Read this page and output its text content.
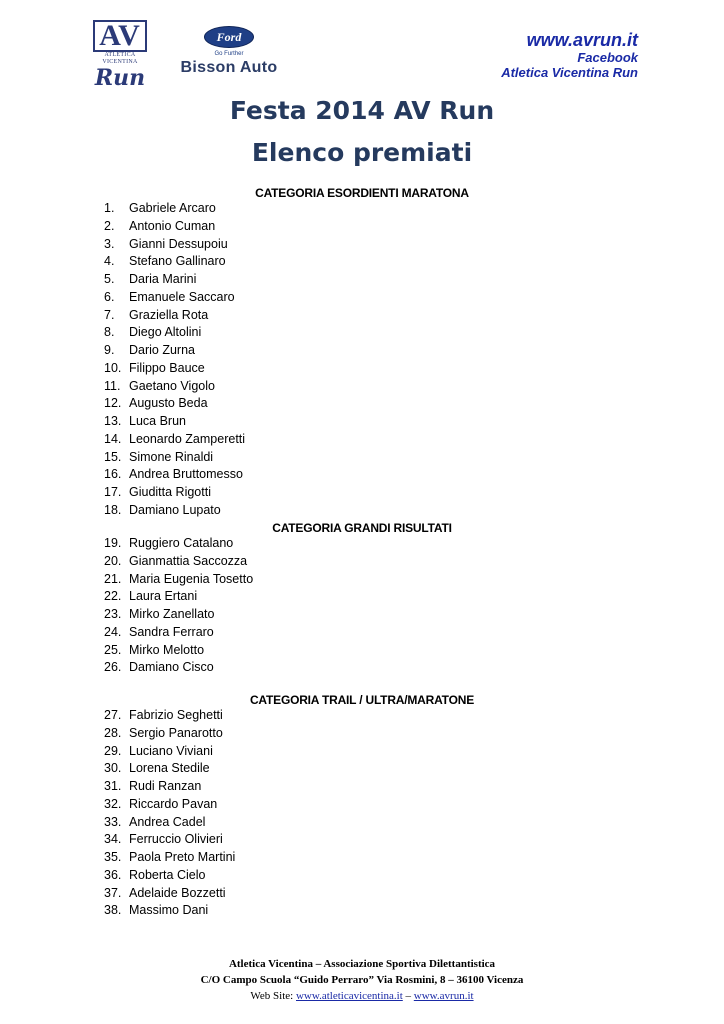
AV
ATLETICA VICENTINA
Run
Ford
Go Further
Bisson Auto
www.avrun.it
Facebook
Atletica Vicentina Run
Festa 2014 AV Run
Elenco premiati
CATEGORIA ESORDIENTI MARATONA
1. Gabriele Arcaro
2. Antonio Cuman
3. Gianni Dessupoiu
4. Stefano Gallinaro
5. Daria Marini
6. Emanuele Saccaro
7. Graziella Rota
8. Diego Altolini
9. Dario Zurna
10. Filippo Bauce
11. Gaetano Vigolo
12. Augusto Beda
13. Luca Brun
14. Leonardo Zamperetti
15. Simone Rinaldi
16. Andrea Bruttomesso
17. Giuditta Rigotti
18. Damiano Lupato
CATEGORIA GRANDI RISULTATI
19. Ruggiero Catalano
20. Gianmattia Saccozza
21. Maria Eugenia Tosetto
22. Laura Ertani
23. Mirko Zanellato
24. Sandra Ferraro
25. Mirko Melotto
26. Damiano Cisco
CATEGORIA TRAIL / ULTRA/MARATONE
27. Fabrizio Seghetti
28. Sergio Panarotto
29. Luciano Viviani
30. Lorena Stedile
31. Rudi Ranzan
32. Riccardo Pavan
33. Andrea Cadel
34. Ferruccio Olivieri
35. Paola Preto Martini
36. Roberta Cielo
37. Adelaide Bozzetti
38. Massimo Dani
Atletica Vicentina – Associazione Sportiva Dilettantistica
C/O Campo Scuola “Guido Perraro” Via Rosmini, 8 – 36100 Vicenza
Web Site: www.atleticavicentina.it – www.avrun.it
